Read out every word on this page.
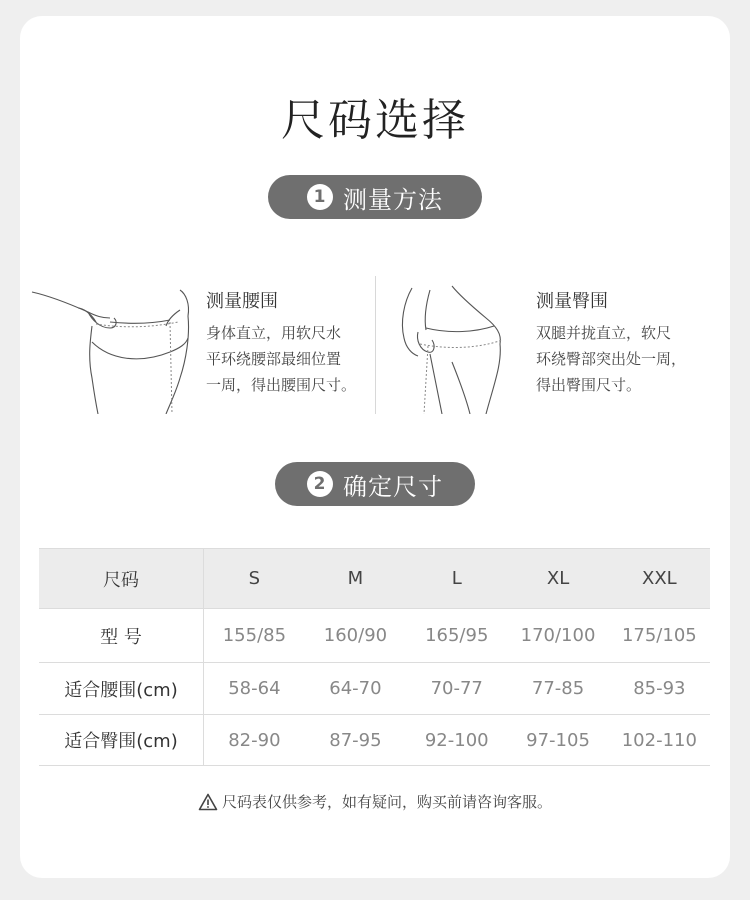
尺码选择
1 测量方法
测量腰围
身体直立，用软尺水
平环绕腰部最细位置
一周，得出腰围尺寸。
测量臀围
双腿并拢直立，软尺
环绕臀部突出处一周，
得出臀围尺寸。
2 确定尺寸
尺码	S	M	L	XL	XXL
型 号	155/85	160/90	165/95	170/100	175/105
适合腰围(cm)	58-64	64-70	70-77	77-85	85-93
适合臀围(cm)	82-90	87-95	92-100	97-105	102-110
尺码表仅供参考，如有疑问，购买前请咨询客服。
